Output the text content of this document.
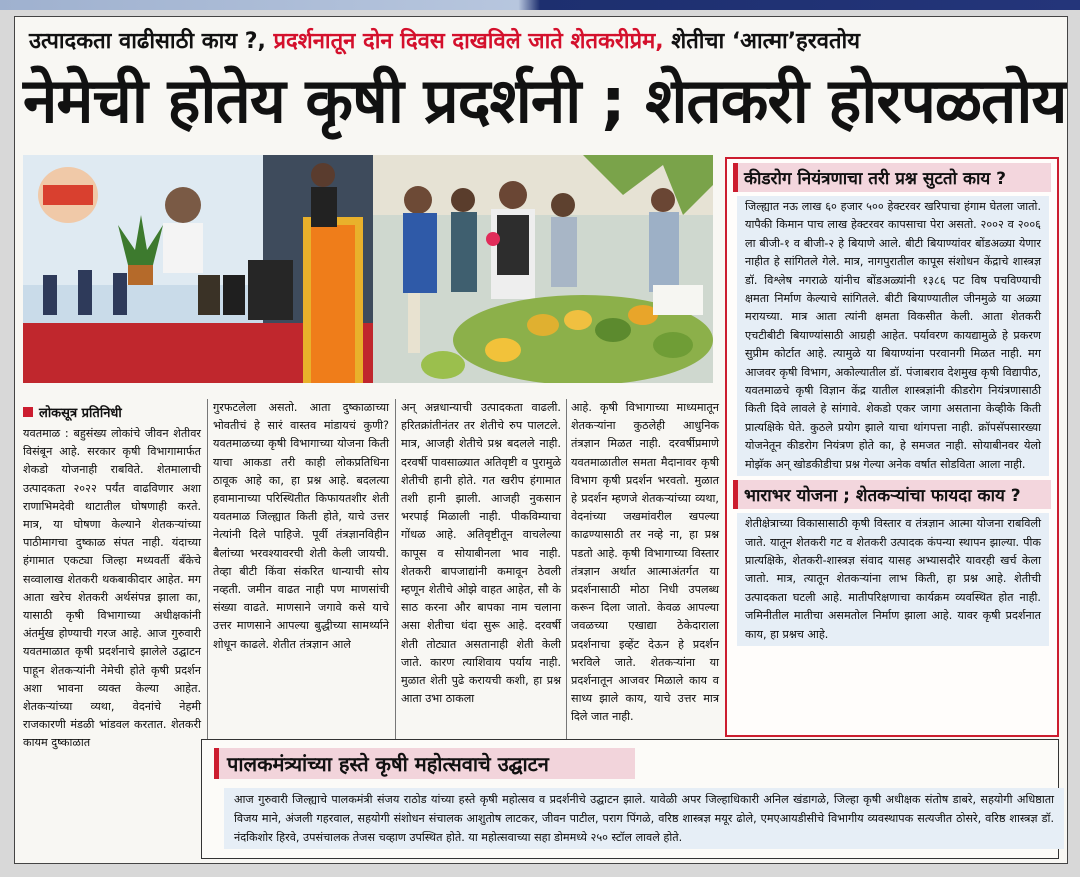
उत्पादकता वाढीसाठी काय ?, प्रदर्शनातून दोन दिवस दाखविले जाते शेतकरीप्रेम, शेतीचा ‘आत्मा’हरवतोय
नेमेची होतेय कृषी प्रदर्शनी ; शेतकरी होरपळतोय
कीडरोग नियंत्रणाचा तरी प्रश्न सुटतो काय ?
जिल्ह्यात नऊ लाख ६० हजार ५०० हेक्टरवर खरिपाचा हंगाम घेतला जातो. यापैकी किमान पाच लाख हेक्टरवर कापसाचा पेरा असतो. २००२ व २००६ ला बीजी-१ व बीजी-२ हे बियाणे आले. बीटी बियाण्यांवर बोंडअळ्या येणार नाहीत हे सांगितले गेले. मात्र, नागपुरातील कापूस संशोधन केंद्राचे शास्त्रज्ञ डॉ. विश्लेष नगराळे यांनीच बोंडअळ्यांनी १३८६ पट विष पचविण्याची क्षमता निर्माण केल्याचे सांगितले. बीटी बियाण्यातील जीनमुळे या अळ्या मरायच्या. मात्र आता त्यांनी क्षमता विकसीत केली. आता शेतकरी एचटीबीटी बियाण्यांसाठी आग्रही आहेत. पर्यावरण कायद्यामुळे हे प्रकरण सुप्रीम कोर्टात आहे. त्यामुळे या बियाण्यांना परवानगी मिळत नाही. मग आजवर कृषी विभाग, अकोल्यातील डॉ. पंजाबराव देशमुख कृषी विद्यापीठ, यवतमाळचे कृषी विज्ञान केंद्र यातील शास्त्रज्ञांनी कीडरोग नियंत्रणासाठी किती दिवे लावले हे सांगावे. शेकडो एकर जागा असताना केव्हीके किती प्रात्यक्षिके घेते. कुठले प्रयोग झाले याचा थांगपत्ता नाही. क्रॉपसॅपसारख्या योजनेतून कीडरोग नियंत्रण होते का, हे समजत नाही. सोयाबीनवर येलो मोझॅक अन् खोडकीडीचा प्रश्न गेल्या अनेक वर्षात सोडविता आला नाही.
भाराभर योजना ; शेतकऱ्यांचा फायदा काय ?
शेतीक्षेत्राच्या विकासासाठी कृषी विस्तार व तंत्रज्ञान आत्मा योजना राबविली जाते. यातून शेतकरी गट व शेतकरी उत्पादक कंपन्या स्थापन झाल्या. पीक प्रात्यक्षिके, शेतकरी-शास्त्रज्ञ संवाद यासह अभ्यासदौरे यावरही खर्च केला जातो. मात्र, त्यातून शेतकऱ्यांना लाभ किती, हा प्रश्न आहे. शेतीची उत्पादकता घटली आहे. मातीपरिक्षणाचा कार्यक्रम व्यवस्थित होत नाही. जमिनीतील मातीचा असमतोल निर्माण झाला आहे. यावर कृषी प्रदर्शनात काय, हा प्रश्नच आहे.
लोकसूत्र प्रतिनिधी
यवतमाळ : बहुसंख्य लोकांचे जीवन शेतीवर विसंबून आहे. सरकार कृषी विभागामार्फत शेकडो योजनाही राबविते. शेतमालाची उत्पादकता २०२२ पर्यंत वाढविणार अशा राणाभिमदेवी थाटातील घोषणाही करते. मात्र, या घोषणा केल्याने शेतकऱ्यांच्या पाठीमागचा दुष्काळ संपत नाही. यंदाच्या हंगामात एकट्या जिल्हा मध्यवर्ती बँकेचे सव्वालाख शेतकरी थकबाकीदार आहेत. मग आता खरेच शेतकरी अर्थसंपन्न झाला का, यासाठी कृषी विभागाच्या अधीक्षकांनी अंतर्मुख होण्याची गरज आहे. आज गुरुवारी यवतमाळात कृषी प्रदर्शनाचे झालेले उद्घाटन पाहून शेतकऱ्यांनी नेमेची होते कृषी प्रदर्शन अशा भावना व्यक्त केल्या आहेत. शेतकऱ्यांच्या व्यथा, वेदनांचे नेहमी राजकारणी मंडळी भांडवल करतात. शेतकरी कायम दुष्काळात
गुरफटलेला असतो. आता दुष्काळाच्या भोवतीचं हे सारं वास्तव मांडायचं कुणी? यवतमाळच्या कृषी विभागाच्या योजना किती याचा आकडा तरी काही लोकप्रतिधिना ठावूक आहे का, हा प्रश्न आहे. बदलत्या हवामानाच्या परिस्थितीत किफायतशीर शेती यवतमाळ जिल्ह्यात किती होते, याचे उत्तर नेत्यांनी दिले पाहिजे. पूर्वी तंत्रज्ञानविहीन बैलांच्या भरवश्यावरची शेती केली जायची. तेव्हा बीटी किंवा संकरित धान्याची सोय नव्हती. जमीन वाढत नाही पण माणसांची संख्या वाढते. माणसाने जगावे कसे याचे उत्तर माणसाने आपल्या बुद्धीच्या सामर्थ्याने शोधून काढले. शेतीत तंत्रज्ञान आले
अन् अन्नधान्याची उत्पादकता वाढली. हरितक्रांतीनंतर तर शेतीचे रुप पालटले. मात्र, आजही शेतीचे प्रश्न बदलले नाही. दरवर्षी पावसाळ्यात अतिवृष्टी व पुरामुळे शेतीची हानी होते. गत खरीप हंगामात तशी हानी झाली. आजही नुकसान भरपाई मिळाली नाही. पीकविम्याचा गोंधळ आहे. अतिवृष्टीतून वाचलेल्या कापूस व सोयाबीनला भाव नाही. शेतकरी बापजाद्यांनी कमावून ठेवली म्हणून शेतीचे ओझे वाहत आहेत, सौ के साठ करना और बापका नाम चलाना असा शेतीचा धंदा सुरू आहे. दरवर्षी शेती तोट्यात असतानाही शेती केली जाते. कारण त्याशिवाय पर्याय नाही. मुळात शेती पुढे करायची कशी, हा प्रश्न आता उभा ठाकला
आहे. कृषी विभागाच्या माध्यमातून शेतकऱ्यांना कुठलेही आधुनिक तंत्रज्ञान मिळत नाही. दरवर्षीप्रमाणे यवतमाळातील समता मैदानावर कृषी विभाग कृषी प्रदर्शन भरवतो. मुळात हे प्रदर्शन म्हणजे शेतकऱ्यांच्या व्यथा, वेदनांच्या जखमांवरील खपल्या काढण्यासाठी तर नव्हे ना, हा प्रश्न पडतो आहे. कृषी विभागाच्या विस्तार तंत्रज्ञान अर्थात आत्माअंतर्गत या प्रदर्शनासाठी मोठा निधी उपलब्ध करून दिला जातो. केवळ आपल्या जवळच्या एखाद्या ठेकेदाराला प्रदर्शनाचा इव्हेंट देऊन हे प्रदर्शन भरविले जाते. शेतकऱ्यांना या प्रदर्शनातून आजवर मिळाले काय व साध्य झाले काय, याचे उत्तर मात्र दिले जात नाही.
पालकमंत्र्यांच्या हस्ते कृषी महोत्सवाचे उद्घाटन
आज गुरुवारी जिल्ह्याचे पालकमंत्री संजय राठोड यांच्या हस्ते कृषी महोत्सव व प्रदर्शनीचे उद्घाटन झाले. यावेळी अपर जिल्हाधिकारी अनिल खंडागळे, जिल्हा कृषी अधीक्षक संतोष डाबरे, सहयोगी अधिष्ठाता विजय माने, अंजली गहरवाल, सहयोगी संशोधन संचालक आशुतोष लाटकर, जीवन पाटील, पराग पिंगळे, वरिष्ठ शास्त्रज्ञ मयूर ढोले, एमएआयडीसीचे विभागीय व्यवस्थापक सत्यजीत ठोसरे, वरिष्ठ शास्त्रज्ञ डॉ. नंदकिशोर हिरवे, उपसंचालक तेजस चव्हाण उपस्थित होते. या महोत्सवाच्या सहा डोममध्ये २५० स्टॉल लावले होते.
